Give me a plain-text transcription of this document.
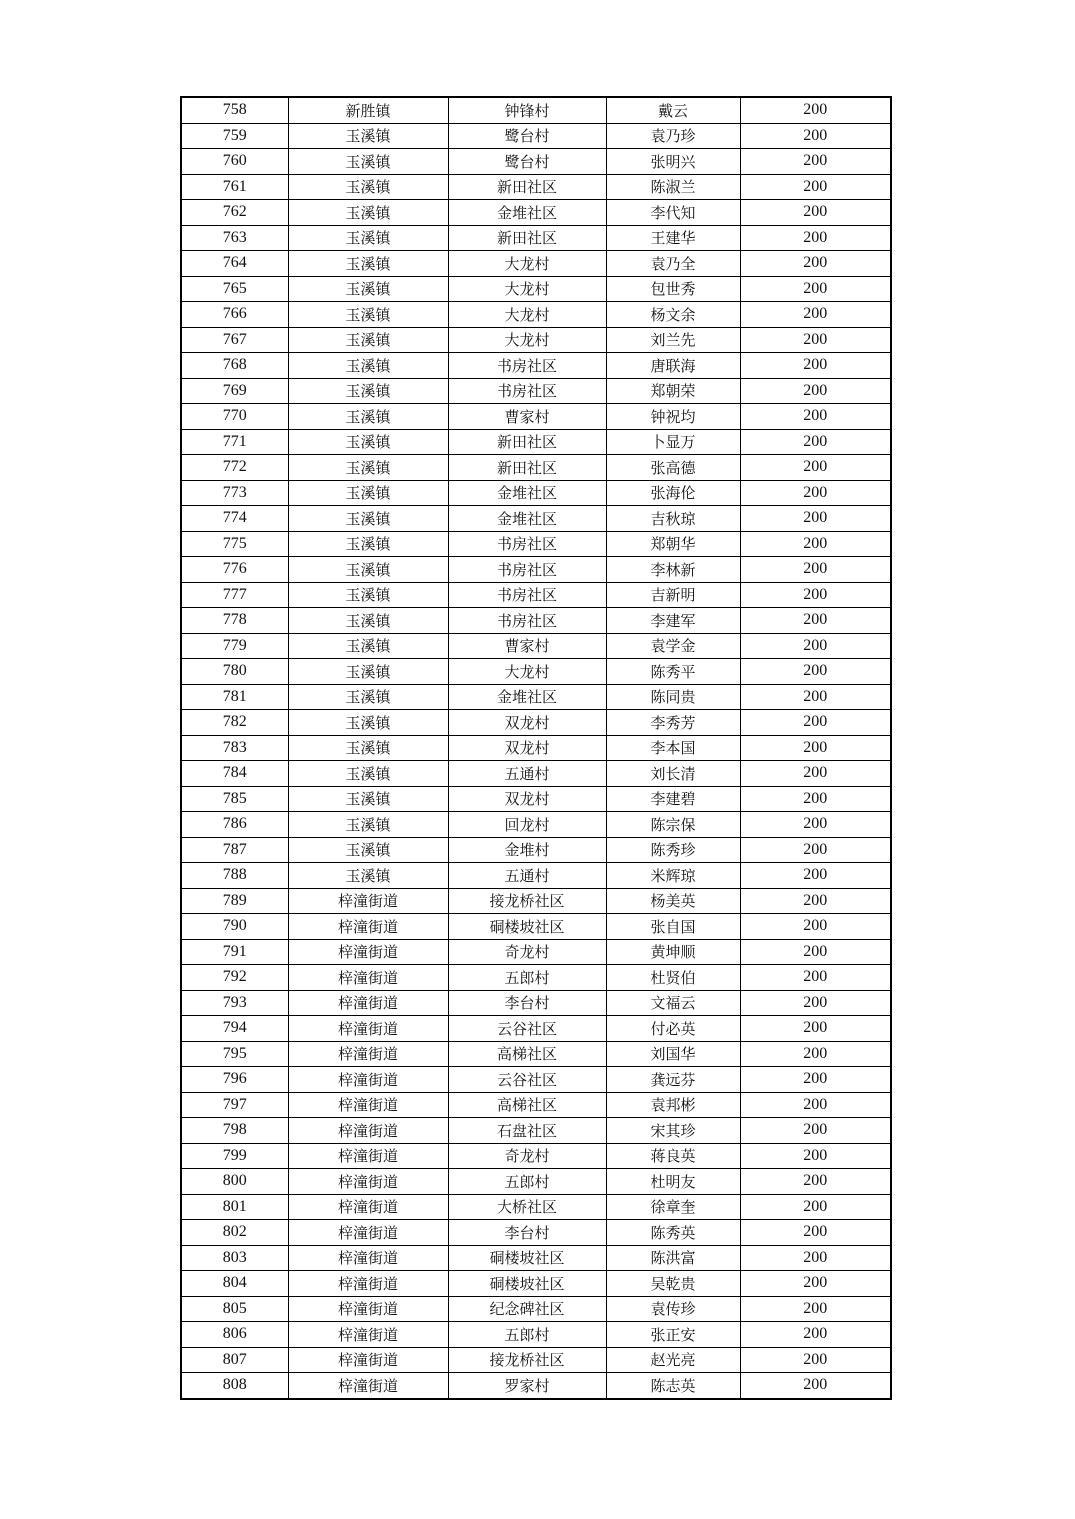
758	新胜镇	钟锋村	戴云	200
759	玉溪镇	鹭台村	袁乃珍	200
760	玉溪镇	鹭台村	张明兴	200
761	玉溪镇	新田社区	陈淑兰	200
762	玉溪镇	金堆社区	李代知	200
763	玉溪镇	新田社区	王建华	200
764	玉溪镇	大龙村	袁乃全	200
765	玉溪镇	大龙村	包世秀	200
766	玉溪镇	大龙村	杨文余	200
767	玉溪镇	大龙村	刘兰先	200
768	玉溪镇	书房社区	唐联海	200
769	玉溪镇	书房社区	郑朝荣	200
770	玉溪镇	曹家村	钟祝均	200
771	玉溪镇	新田社区	卜显万	200
772	玉溪镇	新田社区	张高德	200
773	玉溪镇	金堆社区	张海伦	200
774	玉溪镇	金堆社区	吉秋琼	200
775	玉溪镇	书房社区	郑朝华	200
776	玉溪镇	书房社区	李林新	200
777	玉溪镇	书房社区	吉新明	200
778	玉溪镇	书房社区	李建军	200
779	玉溪镇	曹家村	袁学金	200
780	玉溪镇	大龙村	陈秀平	200
781	玉溪镇	金堆社区	陈同贵	200
782	玉溪镇	双龙村	李秀芳	200
783	玉溪镇	双龙村	李本国	200
784	玉溪镇	五通村	刘长清	200
785	玉溪镇	双龙村	李建碧	200
786	玉溪镇	回龙村	陈宗保	200
787	玉溪镇	金堆村	陈秀珍	200
788	玉溪镇	五通村	米辉琼	200
789	梓潼街道	接龙桥社区	杨美英	200
790	梓潼街道	硐楼坡社区	张自国	200
791	梓潼街道	奇龙村	黄坤顺	200
792	梓潼街道	五郎村	杜贤伯	200
793	梓潼街道	李台村	文福云	200
794	梓潼街道	云谷社区	付必英	200
795	梓潼街道	高梯社区	刘国华	200
796	梓潼街道	云谷社区	龚远芬	200
797	梓潼街道	高梯社区	袁邦彬	200
798	梓潼街道	石盘社区	宋其珍	200
799	梓潼街道	奇龙村	蒋良英	200
800	梓潼街道	五郎村	杜明友	200
801	梓潼街道	大桥社区	徐章奎	200
802	梓潼街道	李台村	陈秀英	200
803	梓潼街道	硐楼坡社区	陈洪富	200
804	梓潼街道	硐楼坡社区	吴乾贵	200
805	梓潼街道	纪念碑社区	袁传珍	200
806	梓潼街道	五郎村	张正安	200
807	梓潼街道	接龙桥社区	赵光亮	200
808	梓潼街道	罗家村	陈志英	200
